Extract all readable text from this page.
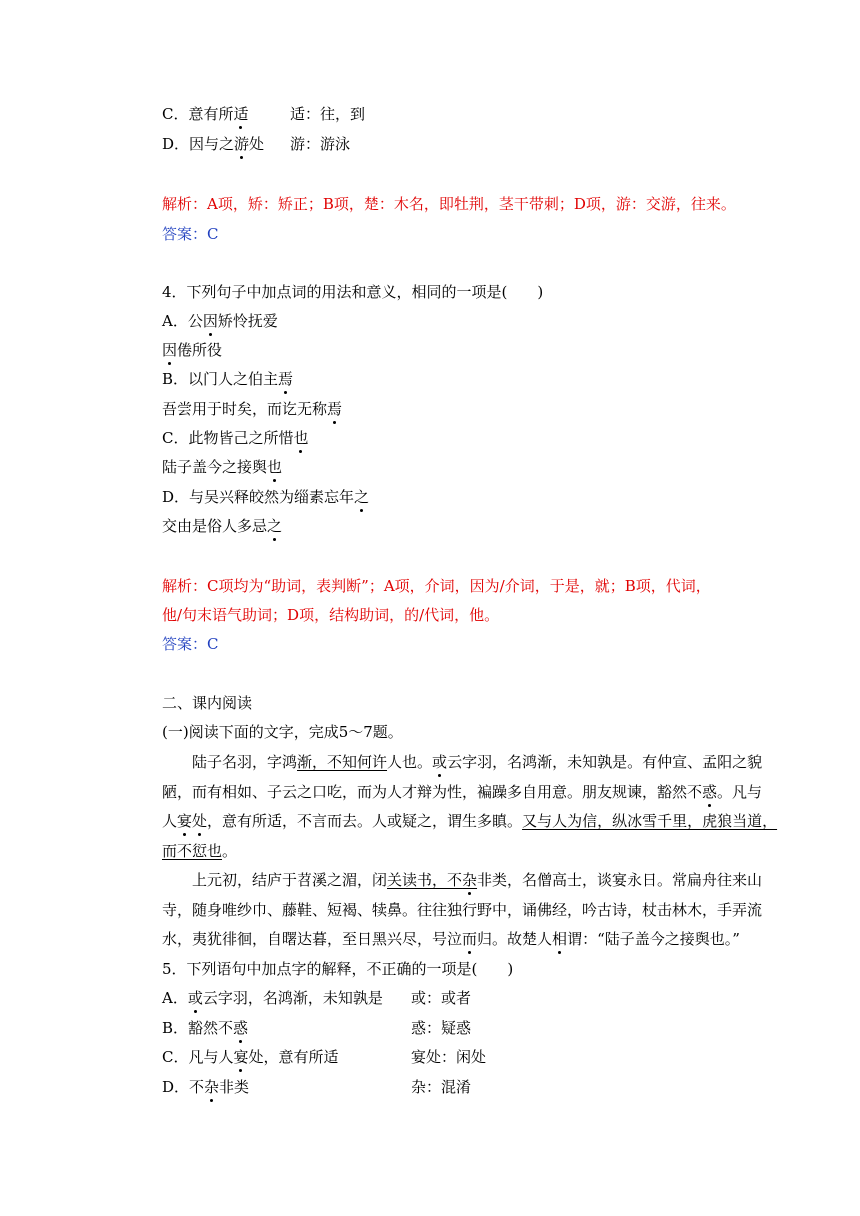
C．意有所适	适：往，到
D．因与之游处 游：游泳
解析：A项，矫：矫正；B项，楚：木名，即牡荆，茎干带刺；D项，游：交游，往来。
答案：C
4．下列句子中加点词的用法和意义，相同的一项是(　　)
A．公因矫怜抚爱
因倦所役
B．以门人之伯主焉
吾尝用于时矣，而讫无称焉
C．此物皆己之所惜也
陆子盖今之接舆也
D．与吴兴释皎然为缁素忘年之
交由是俗人多忌之
解析：C项均为“助词，表判断”；A项，介词，因为/介词，于是，就；B项，代词，
他/句末语气助词；D项，结构助词，的/代词，他。
答案：C
二、课内阅读
(一)阅读下面的文字，完成5～7题。
　　陆子名羽，字鸿渐，不知何许人也。或云字羽，名鸿渐，未知孰是。有仲宣、孟阳之貌
陋，而有相如、子云之口吃，而为人才辩为性，褊躁多自用意。朋友规谏，豁然不惑。凡与
人宴处，意有所适，不言而去。人或疑之，谓生多瞋。又与人为信，纵冰雪千里，虎狼当道，
而不愆也。
　　上元初，结庐于苕溪之湄，闭关读书，不杂非类，名僧高士，谈宴永日。常扁舟往来山
寺，随身唯纱巾、藤鞋、短褐、犊鼻。往往独行野中，诵佛经，吟古诗，杖击林木，手弄流
水，夷犹徘徊，自曙达暮，至日黑兴尽，号泣而归。故楚人相谓：“陆子盖今之接舆也。”
5．下列语句中加点字的解释，不正确的一项是(　　)
A．或云字羽，名鸿渐，未知孰是 或：或者
B．豁然不惑	惑：疑惑
C．凡与人宴处，意有所适	宴处：闲处
D．不杂非类	杂：混淆
